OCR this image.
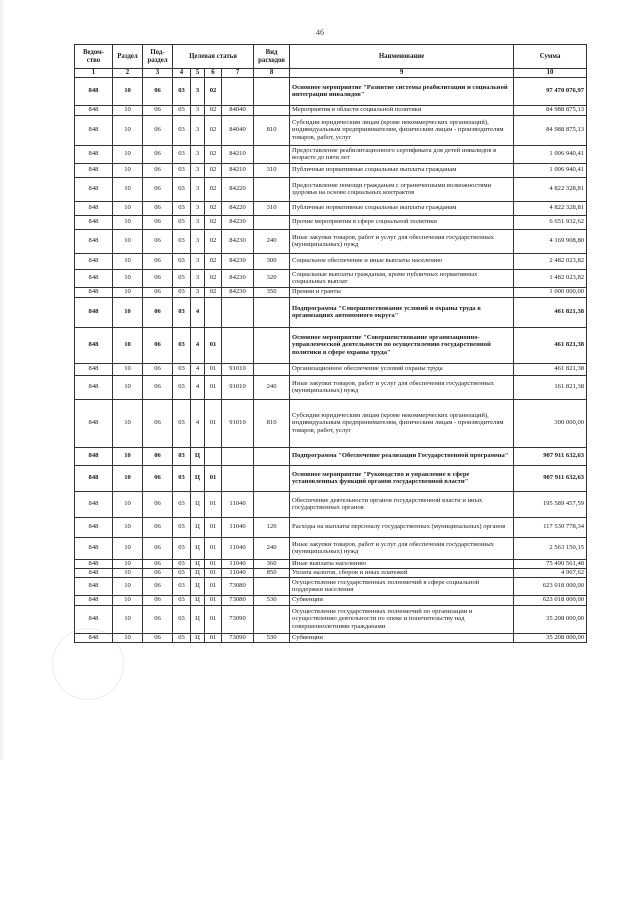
46
Ведом-ство	Раздел	Под-раздел	Целевая статья				Вид расходов	Наименование	Сумма
1	2	3	4	5	6	7	8	9	10
848	10	06	03	3	02			Основное мероприятие "Развитие системы реабилитации и социальной интеграции инвалидов"	97 470 076,97
848	10	06	03	3	02	84040		Мероприятия в области социальной политики	84 988 875,13
848	10	06	03	3	02	84040	810	Субсидии юридическим лицам (кроме некоммерческих организаций), индивидуальным предпринимателям, физическим лицам - производителям товаров, работ, услуг	84 988 875,13
848	10	06	03	3	02	84210		Предоставление реабилитационного сертификата для детей инвалидов в возрасте до пяти лет	1 006 940,41
848	10	06	03	3	02	84210	310	Публичные нормативные социальные выплаты гражданам	1 006 940,41
848	10	06	03	3	02	84220		Предоставление помощи гражданам с ограниченными возможностями здоровья на основе социальных контрактов	4 822 328,81
848	10	06	03	3	02	84220	310	Публичные нормативные социальные выплаты гражданам	4 822 328,81
848	10	06	03	3	02	84230		Прочие мероприятия в сфере социальной политики	6 651 932,62
848	10	06	03	3	02	84230	240	Иные закупки товаров, работ и услуг для обеспечения государственных (муниципальных) нужд	4 169 908,80
848	10	06	03	3	02	84230	300	Социальное обеспечение и иные выплаты населению	2 482 023,82
848	10	06	03	3	02	84230	320	Социальные выплаты гражданам, кроме публичных нормативных социальных выплат	1 482 023,82
848	10	06	03	3	02	84230	350	Премии и гранты	1 000 000,00
848	10	06	03	4				Подпрограмма "Совершенствование условий и охраны труда в организациях автономного округа"	461 821,38
848	10	06	03	4	01			Основное мероприятие "Совершенствование организационно-управленческой деятельности по осуществлению государственной политики в сфере охраны труда"	461 821,38
848	10	06	03	4	01	91010		Организационное обеспечение условий охраны труда	461 821,38
848	10	06	03	4	01	91010	240	Иные закупки товаров, работ и услуг для обеспечения государственных (муниципальных) нужд	161 821,38
848	10	06	03	4	01	91010	810	Субсидии юридическим лицам (кроме некоммерческих организаций), индивидуальным предпринимателям, физическим лицам - производителям товаров, работ, услуг	300 000,00
848	10	06	03	Ц				Подпрограмма "Обеспечение реализации Государственной программы"	907 911 632,63
848	10	06	03	Ц	01			Основное мероприятие "Руководство и управление в сфере установленных функций органов государственной власти"	907 911 632,63
848	10	06	03	Ц	01	11040		Обеспечение деятельности органов государственной власти и иных государственных органов	195 589 457,59
848	10	06	03	Ц	01	11040	120	Расходы на выплаты персоналу государственных (муниципальных) органов	117 530 778,34
848	10	06	03	Ц	01	11040	240	Иные закупки товаров, работ и услуг для обеспечения государственных (муниципальных) нужд	2 563 150,15
848	10	06	03	Ц	01	11040	360	Иные выплаты населению	75 490 561,48
848	10	06	03	Ц	01	11040	850	Уплата налогов, сборов и иных платежей	4 967,62
848	10	06	03	Ц	01	73080		Осуществление государственных полномочий в сфере социальной поддержки населения	623 018 000,00
848	10	06	03	Ц	01	73080	530	Субвенции	623 018 000,00
848	10	06	03	Ц	01	73090		Осуществление государственных полномочий по организации и осуществлению деятельности по опеке и попечительству над совершеннолетними гражданами	35 208 000,00
848	10	06	03	Ц	01	73090	530	Субвенции	35 208 000,00
